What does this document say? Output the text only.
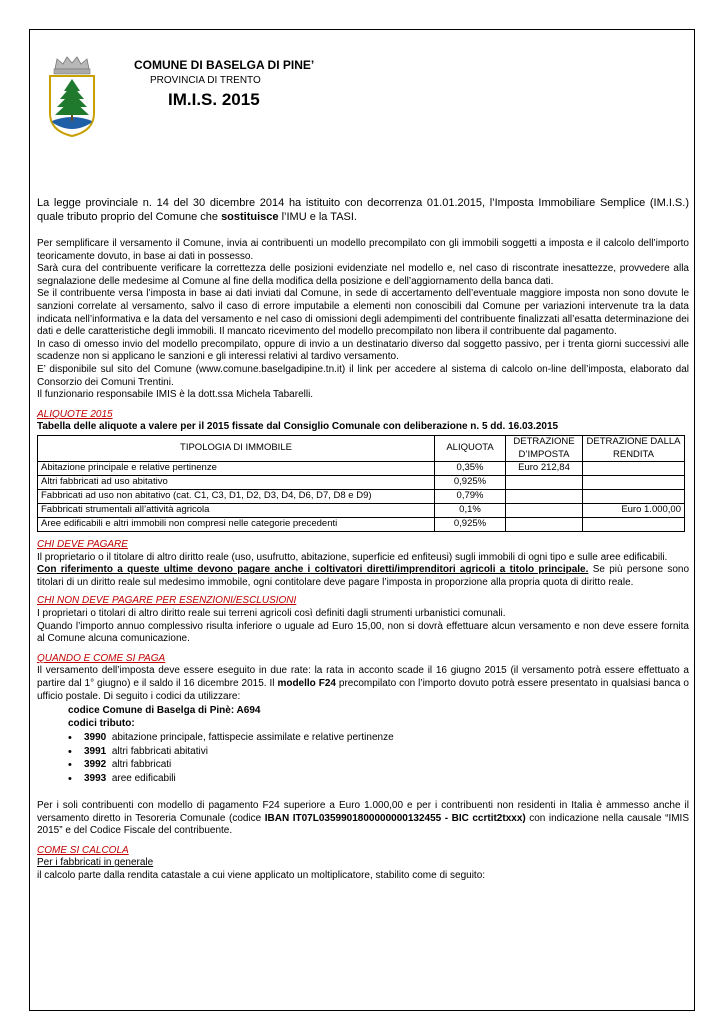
COMUNE DI BASELGA DI PINE’
PROVINCIA DI TRENTO
IM.I.S. 2015

La legge provinciale n. 14 del 30 dicembre 2014 ha istituito con decorrenza 01.01.2015, l’Imposta Immobiliare Semplice (IM.I.S.) quale tributo proprio del Comune che sostituisce l’IMU e la TASI.

Per semplificare il versamento il Comune, invia ai contribuenti un modello precompilato con gli immobili soggetti a imposta e il calcolo dell’importo teoricamente dovuto, in base ai dati in possesso.

Sarà cura del contribuente verificare la correttezza delle posizioni evidenziate nel modello e, nel caso di riscontrate inesattezze, provvedere alla segnalazione delle medesime al Comune al fine della modifica della posizione e dell’aggiornamento della banca dati.

Se il contribuente versa l’imposta in base ai dati inviati dal Comune, in sede di accertamento dell’eventuale maggiore imposta non sono dovute le sanzioni correlate al versamento, salvo il caso di errore imputabile a elementi non conoscibili dal Comune per variazioni intervenute tra la data indicata nell’informativa e la data del versamento e nel caso di omissioni degli adempimenti del contribuente finalizzati all’esatta determinazione dei dati e delle caratteristiche degli immobili. Il mancato ricevimento del modello precompilato non libera il contribuente dal pagamento.

In caso di omesso invio del modello precompilato, oppure di invio a un destinatario diverso dal soggetto passivo, per i trenta giorni successivi alle scadenze non si applicano le sanzioni e gli interessi relativi al tardivo versamento.

E’ disponibile sul sito del Comune (www.comune.baselgadipine.tn.it) il link per accedere al sistema di calcolo on-line dell’imposta, elaborato dal Consorzio dei Comuni Trentini.

Il funzionario responsabile IMIS è la dott.ssa Michela Tabarelli.

ALIQUOTE 2015

Tabella delle aliquote a valere per il 2015 fissate dal Consiglio Comunale con deliberazione n. 5 dd. 16.03.2015

TIPOLOGIA DI IMMOBILE	ALIQUOTA	DETRAZIONE D’IMPOSTA	DETRAZIONE DALLA RENDITA
Abitazione principale e relative pertinenze	0,35%	Euro 212,84	
Altri fabbricati ad uso abitativo	0,925%		
Fabbricati ad uso non abitativo (cat. C1, C3, D1, D2, D3, D4, D6, D7, D8 e D9)	0,79%		
Fabbricati strumentali all’attività agricola	0,1%		Euro 1.000,00
Aree edificabili e altri immobili non compresi nelle categorie precedenti	0,925%		

CHI DEVE PAGARE

Il proprietario o il titolare di altro diritto reale (uso, usufrutto, abitazione, superficie ed enfiteusi) sugli immobili di ogni tipo e sulle aree edificabili.

Con riferimento a queste ultime devono pagare anche i coltivatori diretti/imprenditori agricoli a titolo principale. Se più persone sono titolari di un diritto reale sul medesimo immobile, ogni contitolare deve pagare l’imposta in proporzione alla propria quota di diritto reale.

CHI NON DEVE PAGARE PER ESENZIONI/ESCLUSIONI

I proprietari o titolari di altro diritto reale sui terreni agricoli così definiti dagli strumenti urbanistici comunali.

Quando l’importo annuo complessivo risulta inferiore o uguale ad Euro 15,00, non si dovrà effettuare alcun versamento e non deve essere fornita al Comune alcuna comunicazione.

QUANDO E COME SI PAGA

Il versamento dell’imposta deve essere eseguito in due rate: la rata in acconto scade il 16 giugno 2015 (il versamento potrà essere effettuato a partire dal 1° giugno) e il saldo il 16 dicembre 2015. Il modello F24 precompilato con l’importo dovuto potrà essere presentato in qualsiasi banca o ufficio postale. Di seguito i codici da utilizzare:

codice Comune di Baselga di Pinè: A694
codici tributo:
• 3990 abitazione principale, fattispecie assimilate e relative pertinenze
• 3991 altri fabbricati abitativi
• 3992 altri fabbricati
• 3993 aree edificabili

Per i soli contribuenti con modello di pagamento F24 superiore a Euro 1.000,00 e per i contribuenti non residenti in Italia è ammesso anche il versamento diretto in Tesoreria Comunale (codice IBAN IT07L0359901800000000132455 - BIC ccrtit2txxx) con indicazione nella causale “IMIS 2015” e del Codice Fiscale del contribuente.

COME SI CALCOLA

Per i fabbricati in generale

il calcolo parte dalla rendita catastale a cui viene applicato un moltiplicatore, stabilito come di seguito:
